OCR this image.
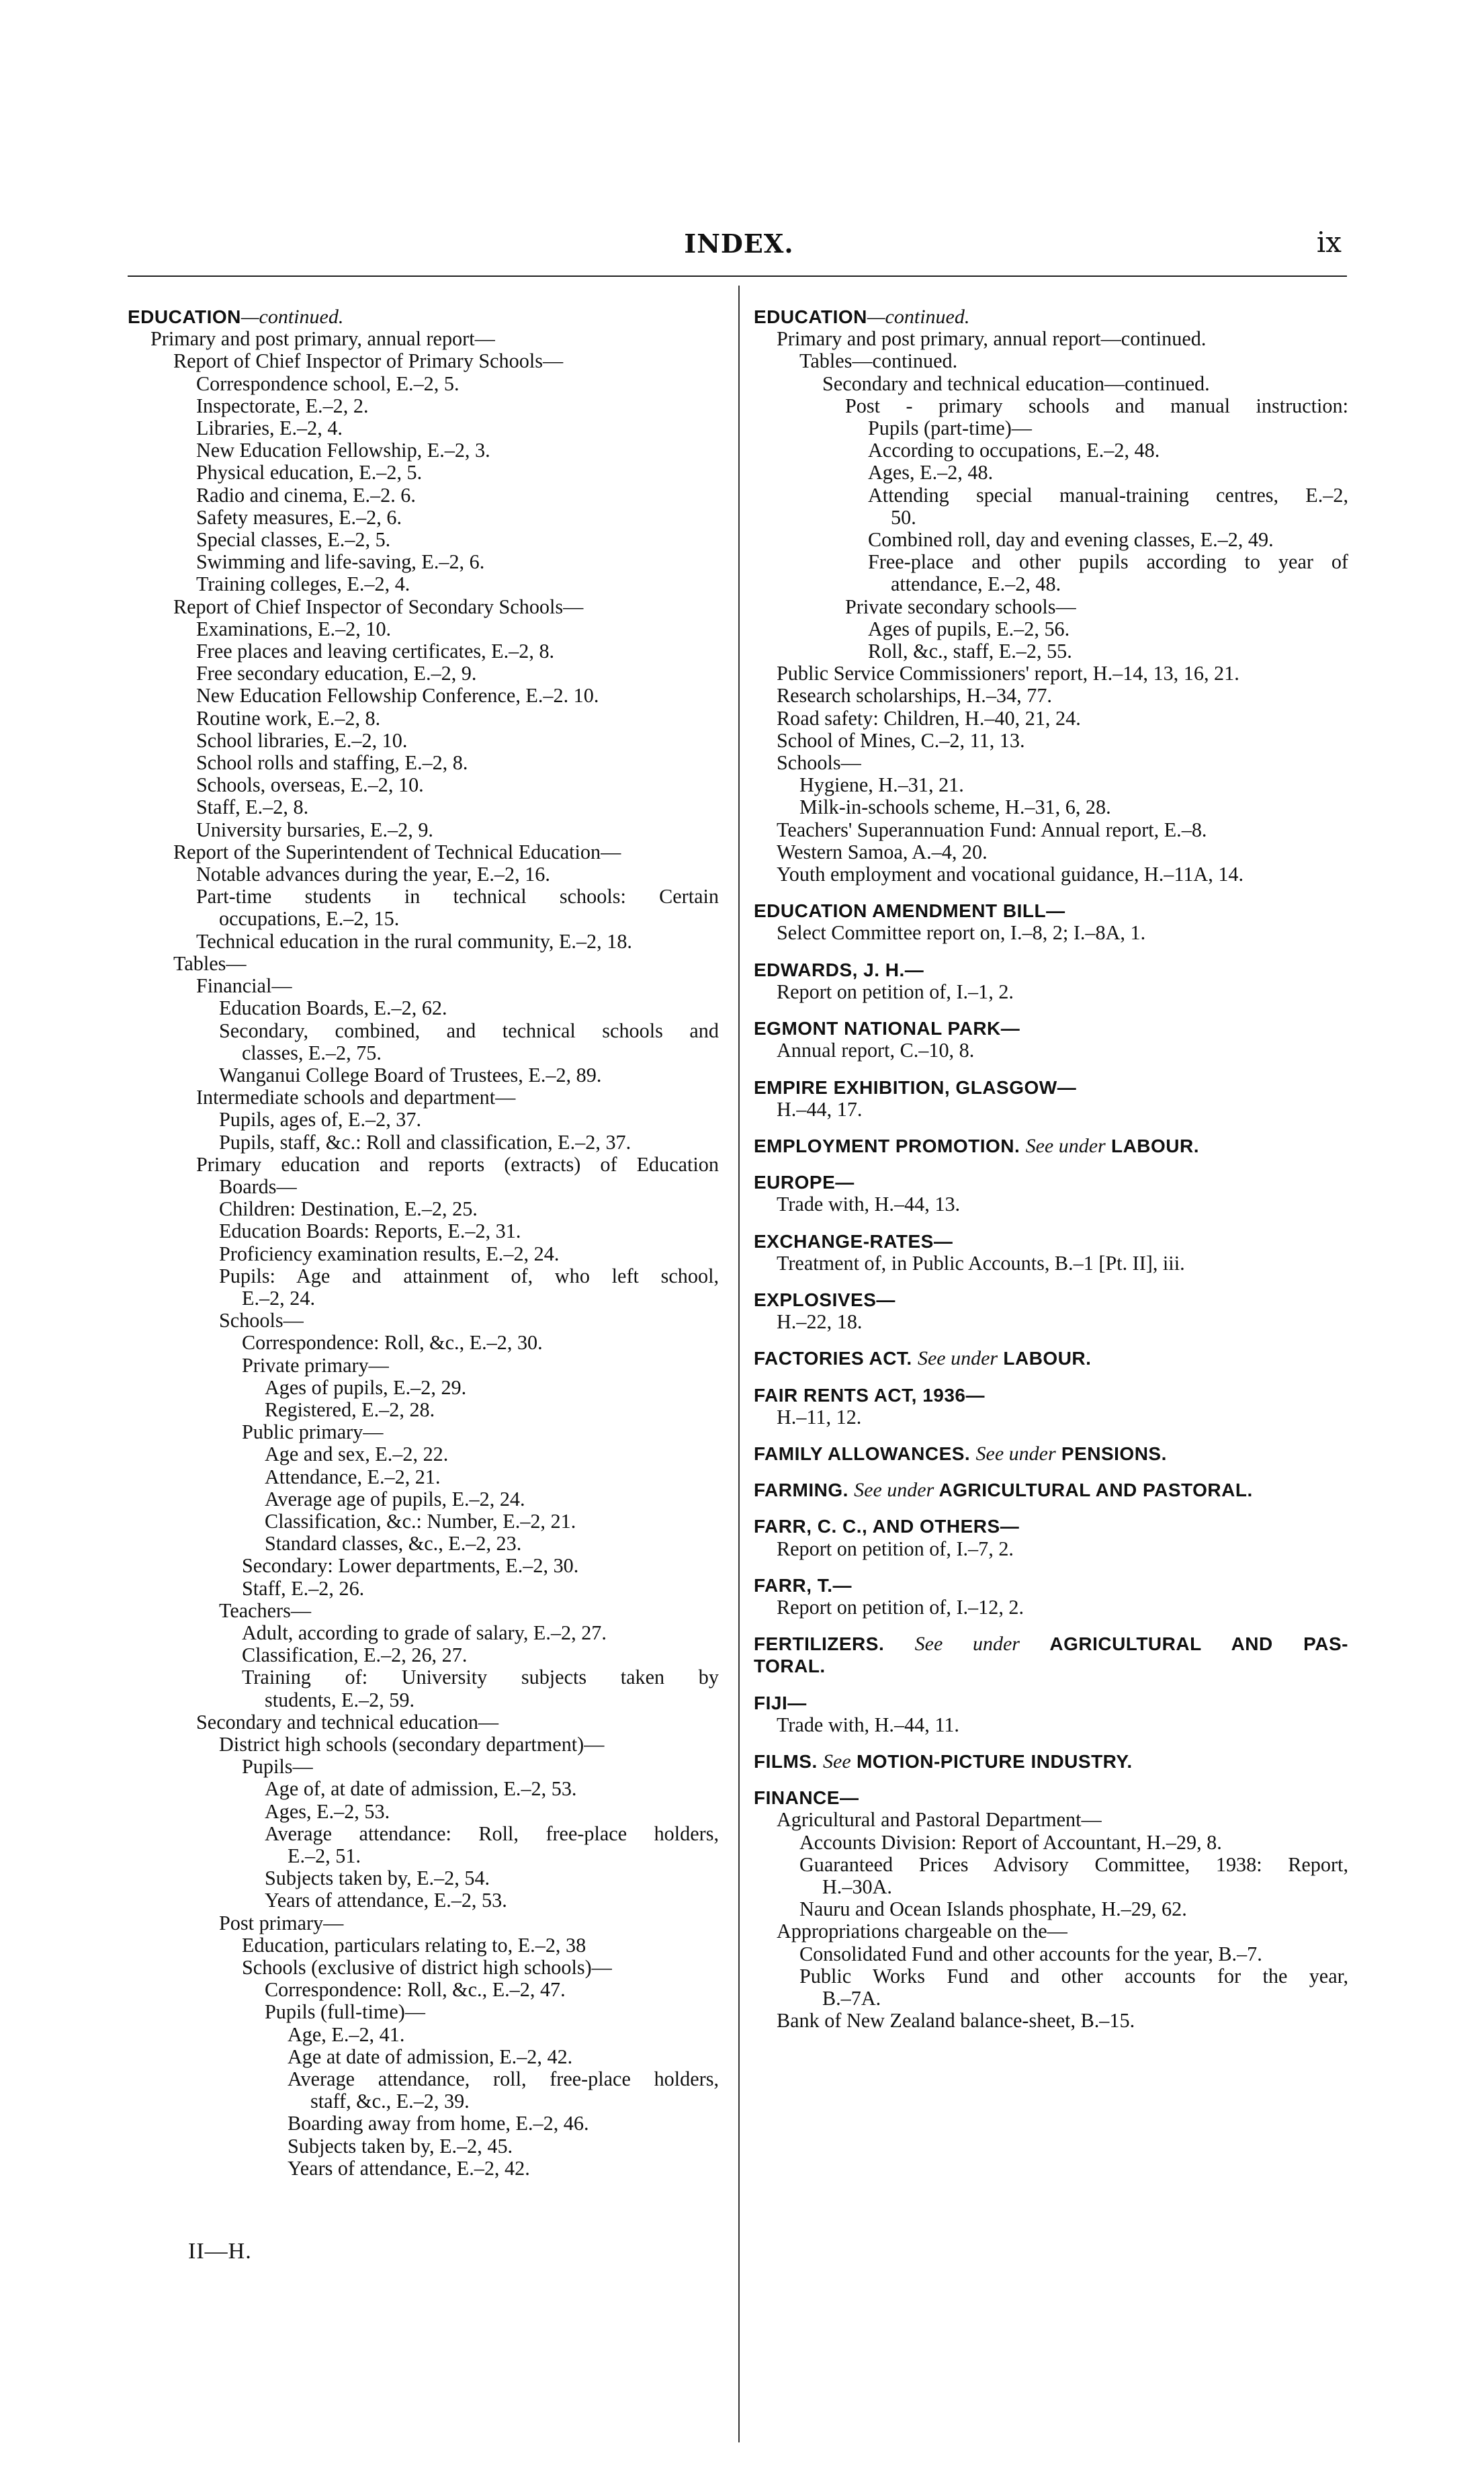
INDEX.	ix
EDUCATION—continued.
Primary and post primary, annual report—
Report of Chief Inspector of Primary Schools—
Correspondence school, E.–2, 5.
Inspectorate, E.–2, 2.
Libraries, E.–2, 4.
New Education Fellowship, E.–2, 3.
Physical education, E.–2, 5.
Radio and cinema, E.–2. 6.
Safety measures, E.–2, 6.
Special classes, E.–2, 5.
Swimming and life-saving, E.–2, 6.
Training colleges, E.–2, 4.
Report of Chief Inspector of Secondary Schools—
Examinations, E.–2, 10.
Free places and leaving certificates, E.–2, 8.
Free secondary education, E.–2, 9.
New Education Fellowship Conference, E.–2. 10.
Routine work, E.–2, 8.
School libraries, E.–2, 10.
School rolls and staffing, E.–2, 8.
Schools, overseas, E.–2, 10.
Staff, E.–2, 8.
University bursaries, E.–2, 9.
Report of the Superintendent of Technical Education—
Notable advances during the year, E.–2, 16.
Part-time students in technical schools: Certain
occupations, E.–2, 15.
Technical education in the rural community, E.–2, 18.
Tables—
Financial—
Education Boards, E.–2, 62.
Secondary, combined, and technical schools and
classes, E.–2, 75.
Wanganui College Board of Trustees, E.–2, 89.
Intermediate schools and department—
Pupils, ages of, E.–2, 37.
Pupils, staff, &c.: Roll and classification, E.–2, 37.
Primary education and reports (extracts) of Education
Boards—
Children: Destination, E.–2, 25.
Education Boards: Reports, E.–2, 31.
Proficiency examination results, E.–2, 24.
Pupils: Age and attainment of, who left school,
E.–2, 24.
Schools—
Correspondence: Roll, &c., E.–2, 30.
Private primary—
Ages of pupils, E.–2, 29.
Registered, E.–2, 28.
Public primary—
Age and sex, E.–2, 22.
Attendance, E.–2, 21.
Average age of pupils, E.–2, 24.
Classification, &c.: Number, E.–2, 21.
Standard classes, &c., E.–2, 23.
Secondary: Lower departments, E.–2, 30.
Staff, E.–2, 26.
Teachers—
Adult, according to grade of salary, E.–2, 27.
Classification, E.–2, 26, 27.
Training of: University subjects taken by
students, E.–2, 59.
Secondary and technical education—
District high schools (secondary department)—
Pupils—
Age of, at date of admission, E.–2, 53.
Ages, E.–2, 53.
Average attendance: Roll, free-place holders,
E.–2, 51.
Subjects taken by, E.–2, 54.
Years of attendance, E.–2, 53.
Post primary—
Education, particulars relating to, E.–2, 38
Schools (exclusive of district high schools)—
Correspondence: Roll, &c., E.–2, 47.
Pupils (full-time)—
Age, E.–2, 41.
Age at date of admission, E.–2, 42.
Average attendance, roll, free-place holders,
staff, &c., E.–2, 39.
Boarding away from home, E.–2, 46.
Subjects taken by, E.–2, 45.
Years of attendance, E.–2, 42.
EDUCATION—continued.
Primary and post primary, annual report—continued.
Tables—continued.
Secondary and technical education—continued.
Post - primary schools and manual instruction:
Pupils (part-time)—
According to occupations, E.–2, 48.
Ages, E.–2, 48.
Attending special manual-training centres, E.–2,
50.
Combined roll, day and evening classes, E.–2, 49.
Free-place and other pupils according to year of
attendance, E.–2, 48.
Private secondary schools—
Ages of pupils, E.–2, 56.
Roll, &c., staff, E.–2, 55.
Public Service Commissioners' report, H.–14, 13, 16, 21.
Research scholarships, H.–34, 77.
Road safety: Children, H.–40, 21, 24.
School of Mines, C.–2, 11, 13.
Schools—
Hygiene, H.–31, 21.
Milk-in-schools scheme, H.–31, 6, 28.
Teachers' Superannuation Fund: Annual report, E.–8.
Western Samoa, A.–4, 20.
Youth employment and vocational guidance, H.–11A, 14.
EDUCATION AMENDMENT BILL—
Select Committee report on, I.–8, 2; I.–8A, 1.
EDWARDS, J. H.—
Report on petition of, I.–1, 2.
EGMONT NATIONAL PARK—
Annual report, C.–10, 8.
EMPIRE EXHIBITION, GLASGOW—
H.–44, 17.
EMPLOYMENT PROMOTION. See under LABOUR.
EUROPE—
Trade with, H.–44, 13.
EXCHANGE-RATES—
Treatment of, in Public Accounts, B.–1 [Pt. II], iii.
EXPLOSIVES—
H.–22, 18.
FACTORIES ACT. See under LABOUR.
FAIR RENTS ACT, 1936—
H.–11, 12.
FAMILY ALLOWANCES. See under PENSIONS.
FARMING. See under AGRICULTURAL AND PASTORAL.
FARR, C. C., AND OTHERS—
Report on petition of, I.–7, 2.
FARR, T.—
Report on petition of, I.–12, 2.
FERTILIZERS. See under AGRICULTURAL AND PAS-
TORAL.
FIJI—
Trade with, H.–44, 11.
FILMS. See MOTION-PICTURE INDUSTRY.
FINANCE—
Agricultural and Pastoral Department—
Accounts Division: Report of Accountant, H.–29, 8.
Guaranteed Prices Advisory Committee, 1938: Report,
H.–30A.
Nauru and Ocean Islands phosphate, H.–29, 62.
Appropriations chargeable on the—
Consolidated Fund and other accounts for the year, B.–7.
Public Works Fund and other accounts for the year,
B.–7A.
Bank of New Zealand balance-sheet, B.–15.
II—H.
